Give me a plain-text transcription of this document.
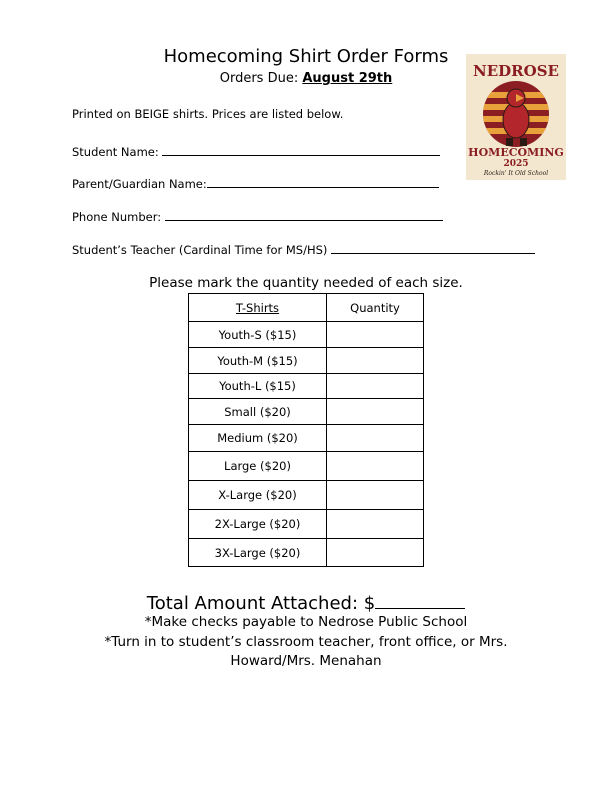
Homecoming Shirt Order Forms
Orders Due: August 29th	NEDROSE
HOMECOMING
2025
Rockin' It Old School
Printed on BEIGE shirts. Prices are listed below.
Student Name:
Parent/Guardian Name:
Phone Number:
Student’s Teacher (Cardinal Time for MS/HS)
Please mark the quantity needed of each size.
T-Shirts	Quantity
Youth-S ($15)	
Youth-M ($15)	
Youth-L ($15)	
Small ($20)	
Medium ($20)	
Large ($20)	
X-Large ($20)	
2X-Large ($20)	
3X-Large ($20)	
Total Amount Attached: $
*Make checks payable to Nedrose Public School
*Turn in to student’s classroom teacher, front office, or Mrs.
Howard/Mrs. Menahan
